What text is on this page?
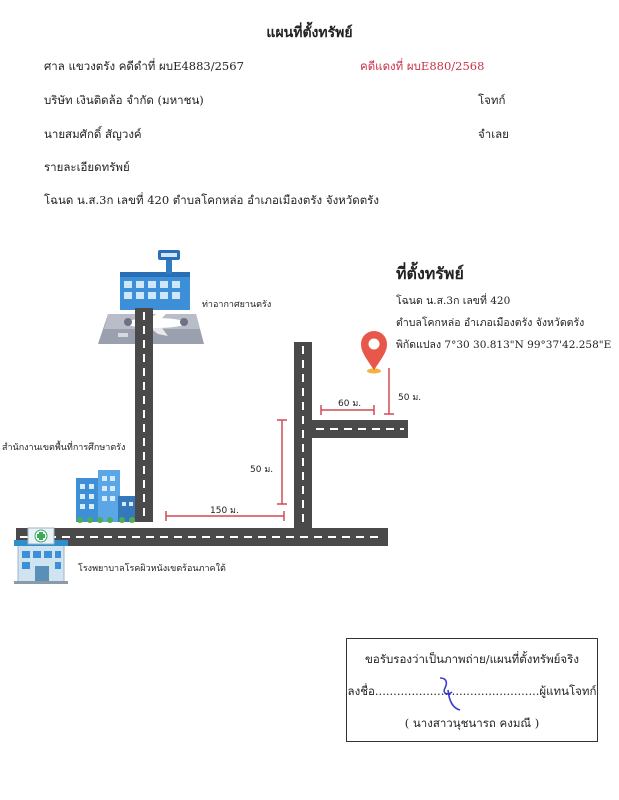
แผนที่ตั้งทรัพย์
ศาล แขวงตรัง คดีดำที่ ผบE4883/2567	คดีแดงที่ ผบE880/2568
บริษัท เงินติดล้อ จำกัด (มหาชน)	โจทก์
นายสมศักดิ์ สัญวงค์	จำเลย
รายละเอียดทรัพย์
โฉนด น.ส.3ก เลขที่ 420 ตำบลโคกหล่อ อำเภอเมืองตรัง จังหวัดตรัง
ท่าอากาศยานตรัง
สำนักงานเขตพื้นที่การศึกษาตรัง
โรงพยาบาลโรคผิวหนังเขตร้อนภาคใต้
150 ม.
50 ม.
60 ม.
50 ม.
ที่ตั้งทรัพย์
โฉนด น.ส.3ก เลขที่ 420
ตำบลโคกหล่อ อำเภอเมืองตรัง จังหวัดตรัง
พิกัดแปลง 7°30 30.813"N 99°37'42.258"E
ขอรับรองว่าเป็นภาพถ่าย/แผนที่ตั้งทรัพย์จริง
ลงชื่อ.............................................ผู้แทนโจทก์
( นางสาวนุชนารถ คงมณี )
